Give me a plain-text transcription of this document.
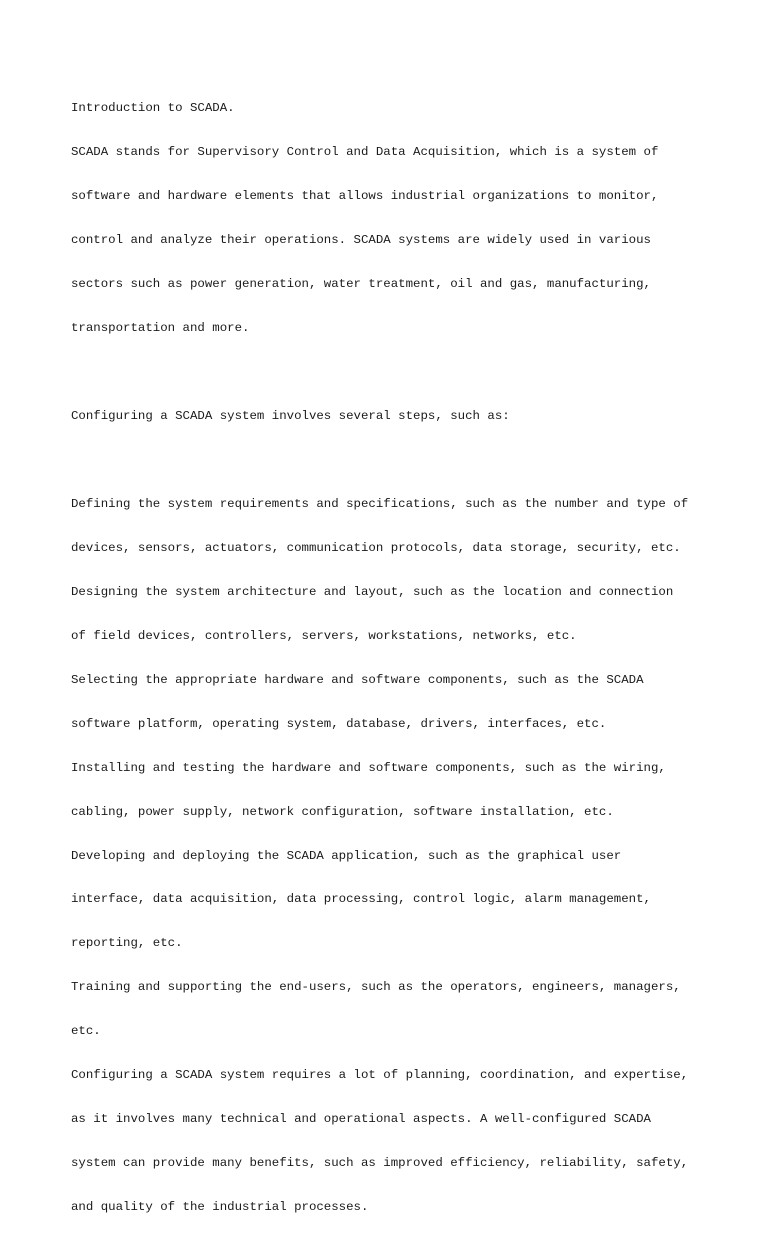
Introduction to SCADA.

SCADA stands for Supervisory Control and Data Acquisition, which is a system of

software and hardware elements that allows industrial organizations to monitor,

control and analyze their operations. SCADA systems are widely used in various

sectors such as power generation, water treatment, oil and gas, manufacturing,

transportation and more.

Configuring a SCADA system involves several steps, such as:

Defining the system requirements and specifications, such as the number and type of

devices, sensors, actuators, communication protocols, data storage, security, etc.

Designing the system architecture and layout, such as the location and connection

of field devices, controllers, servers, workstations, networks, etc.

Selecting the appropriate hardware and software components, such as the SCADA

software platform, operating system, database, drivers, interfaces, etc.

Installing and testing the hardware and software components, such as the wiring,

cabling, power supply, network configuration, software installation, etc.

Developing and deploying the SCADA application, such as the graphical user

interface, data acquisition, data processing, control logic, alarm management,

reporting, etc.

Training and supporting the end-users, such as the operators, engineers, managers,

etc.

Configuring a SCADA system requires a lot of planning, coordination, and expertise,

as it involves many technical and operational aspects. A well-configured SCADA

system can provide many benefits, such as improved efficiency, reliability, safety,

and quality of the industrial processes.
